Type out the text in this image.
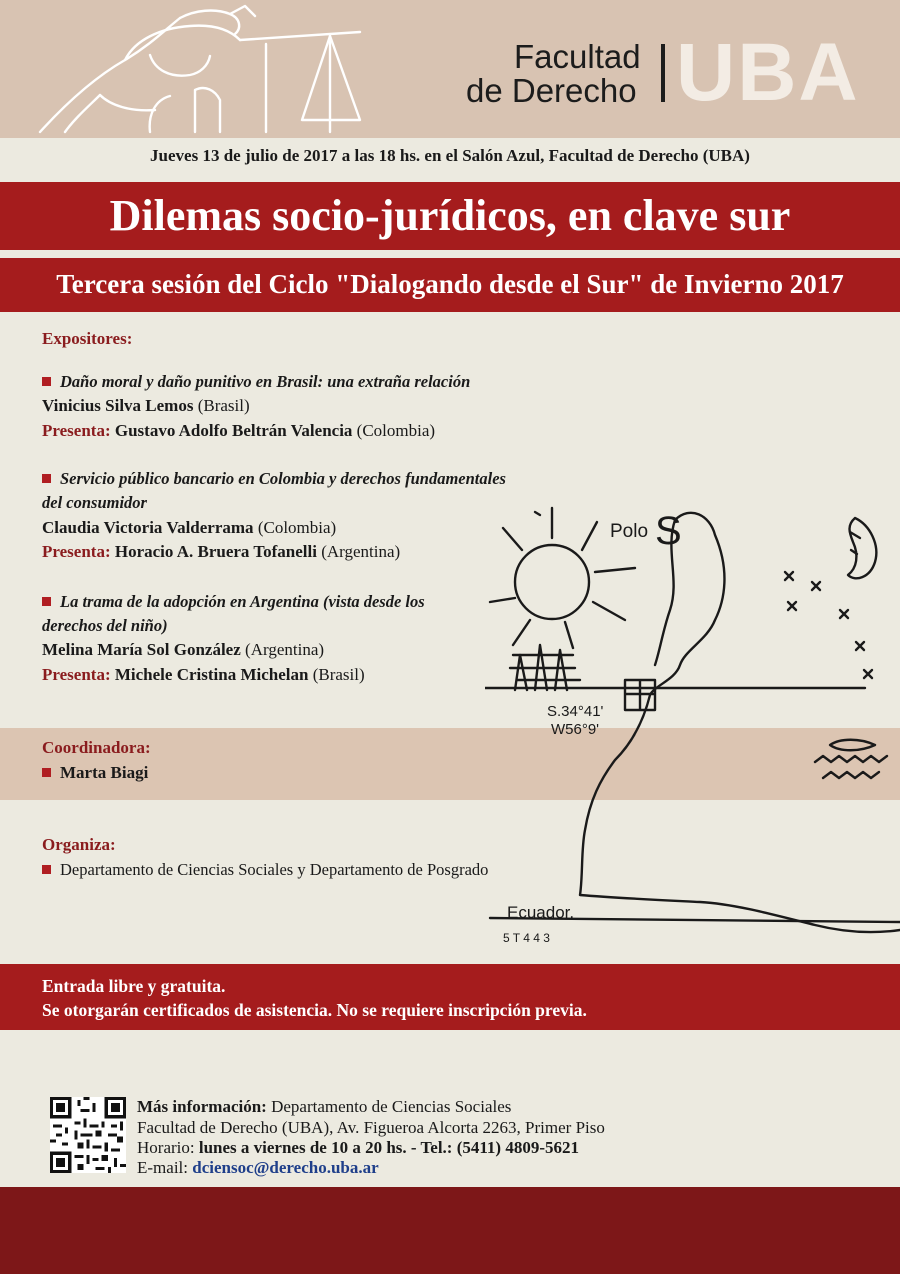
Facultad
de Derecho UBA
Jueves 13 de julio de 2017 a las 18 hs. en el Salón Azul, Facultad de Derecho (UBA)
Dilemas socio-jurídicos, en clave sur
Tercera sesión del Ciclo "Dialogando desde el Sur" de Invierno 2017
Polo S
S.34°41'
W56°9'
Ecuador.
5 T 4 4 3
Expositores:
Daño moral y daño punitivo en Brasil: una extraña relación
Vinicius Silva Lemos (Brasil)
Presenta: Gustavo Adolfo Beltrán Valencia (Colombia)
Servicio público bancario en Colombia y derechos fundamentales
del consumidor
Claudia Victoria Valderrama (Colombia)
Presenta: Horacio A. Bruera Tofanelli (Argentina)
La trama de la adopción en Argentina (vista desde los
derechos del niño)
Melina María Sol González (Argentina)
Presenta: Michele Cristina Michelan (Brasil)
Coordinadora:
Marta Biagi
Organiza:
Departamento de Ciencias Sociales y Departamento de Posgrado
Entrada libre y gratuita.
Se otorgarán certificados de asistencia. No se requiere inscripción previa.
Más información: Departamento de Ciencias Sociales
Facultad de Derecho (UBA), Av. Figueroa Alcorta 2263, Primer Piso
Horario: lunes a viernes de 10 a 20 hs. - Tel.: (5411) 4809-5621
E-mail: dciensoc@derecho.uba.ar
